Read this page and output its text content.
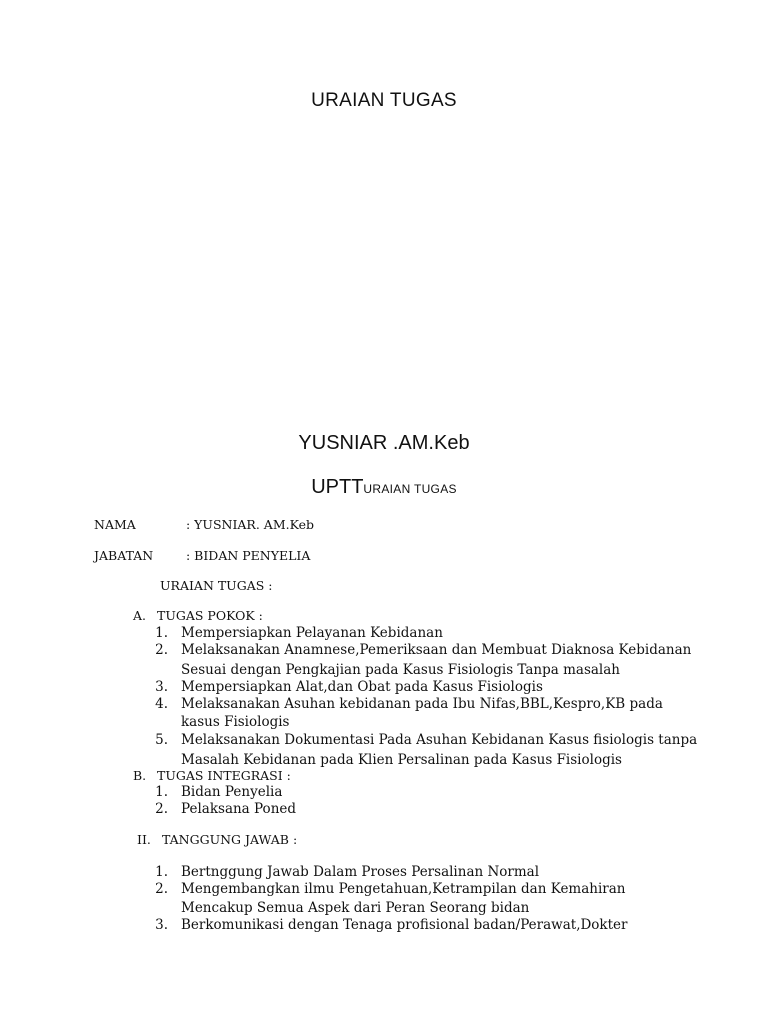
URAIAN TUGAS
YUSNIAR .AM.Keb
UPTTURAIAN TUGAS
NAMA	: YUSNIAR. AM.Keb
JABATAN	: BIDAN PENYELIA
URAIAN TUGAS :
A. TUGAS POKOK :
1. Mempersiapkan Pelayanan Kebidanan
2. Melaksanakan Anamnese,Pemeriksaan dan Membuat Diaknosa Kebidanan
Sesuai dengan Pengkajian pada Kasus Fisiologis Tanpa masalah
3. Mempersiapkan Alat,dan Obat pada Kasus Fisiologis
4. Melaksanakan Asuhan kebidanan pada Ibu Nifas,BBL,Kespro,KB pada
kasus Fisiologis
5. Melaksanakan Dokumentasi Pada Asuhan Kebidanan Kasus fisiologis tanpa
Masalah Kebidanan pada Klien Persalinan pada Kasus Fisiologis
B. TUGAS INTEGRASI :
1. Bidan Penyelia
2. Pelaksana Poned
II. TANGGUNG JAWAB :
1. Bertnggung Jawab Dalam Proses Persalinan Normal
2. Mengembangkan ilmu Pengetahuan,Ketrampilan dan Kemahiran
Mencakup Semua Aspek dari Peran Seorang bidan
3. Berkomunikasi dengan Tenaga profisional badan/Perawat,Dokter
